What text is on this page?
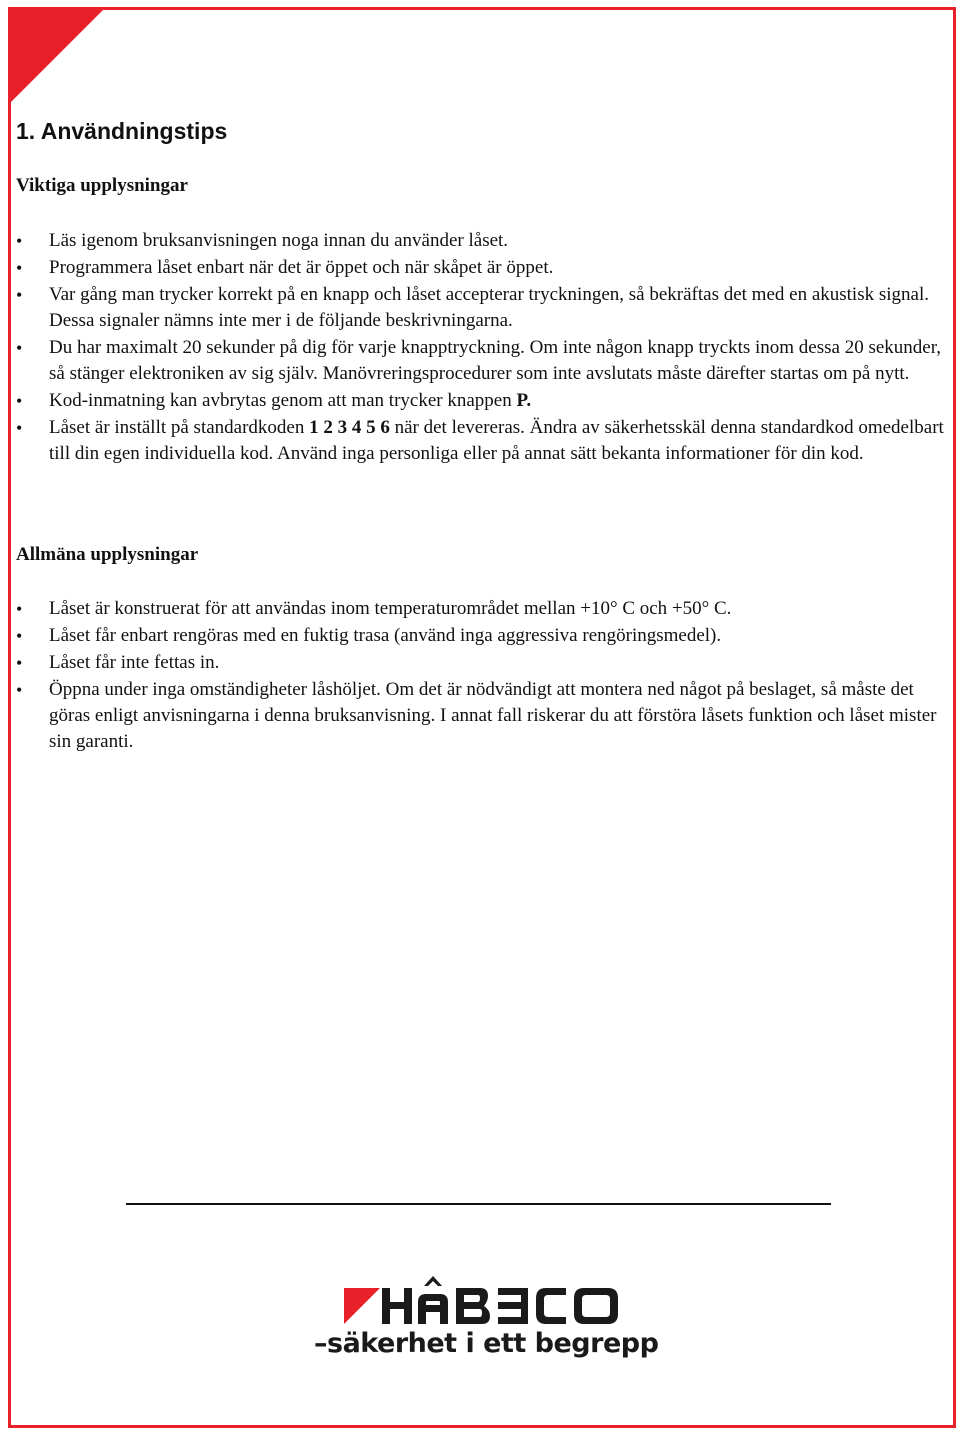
1. Användningstips
Viktiga upplysningar
• Läs igenom bruksanvisningen noga innan du använder låset.
• Programmera låset enbart när det är öppet och när skåpet är öppet.
• Var gång man trycker korrekt på en knapp och låset accepterar tryckningen, så bekräftas det med en akustisk signal. Dessa signaler nämns inte mer i de följande beskrivningarna.
• Du har maximalt 20 sekunder på dig för varje knapptryckning. Om inte någon knapp tryckts inom dessa 20 sekunder, så stänger elektroniken av sig själv. Manövreringsprocedurer som inte avslutats måste därefter startas om på nytt.
• Kod-inmatning kan avbrytas genom att man trycker knappen P.
• Låset är inställt på standardkoden 1 2 3 4 5 6 när det levereras. Ändra av säkerhetsskäl denna standardkod omedelbart till din egen individuella kod. Använd inga personliga eller på annat sätt bekanta informationer för din kod.
Allmäna upplysningar
• Låset är konstruerat för att användas inom temperaturområdet mellan +10° C och +50° C.
• Låset får enbart rengöras med en fuktig trasa (använd inga aggressiva rengöringsmedel).
• Låset får inte fettas in.
• Öppna under inga omständigheter låshöljet. Om det är nödvändigt att montera ned något på beslaget, så måste det göras enligt anvisningarna i denna bruksanvisning. I annat fall riskerar du att förstöra låsets funktion och låset mister sin garanti.
–säkerhet i ett begrepp
